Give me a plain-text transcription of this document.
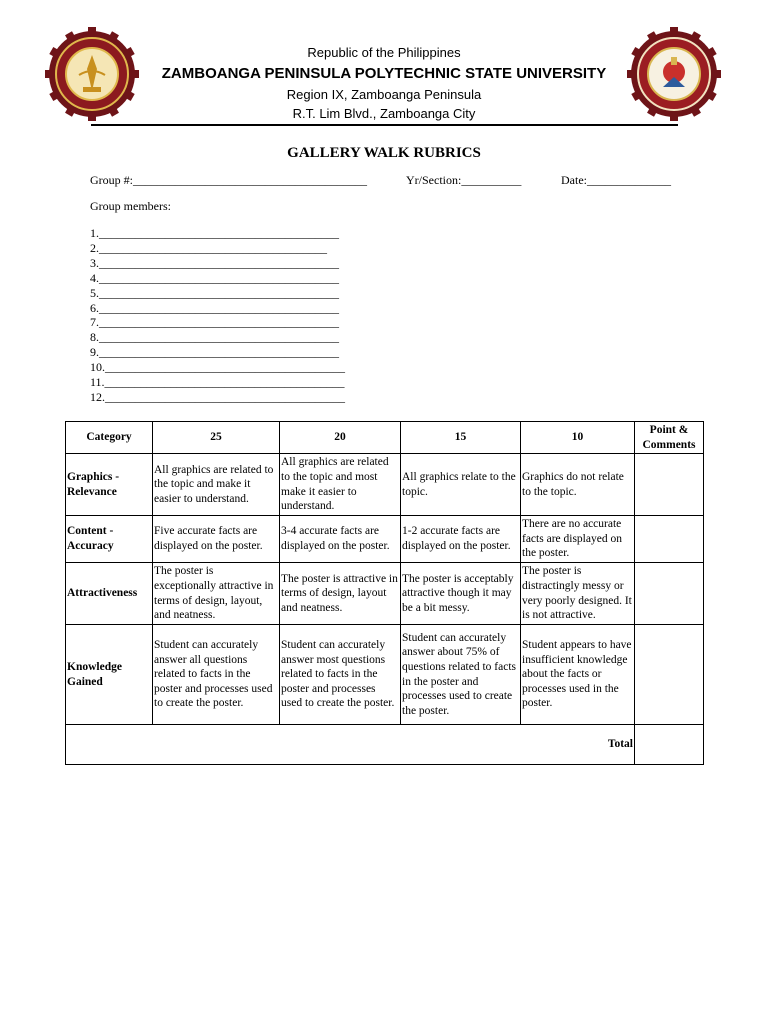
Republic of the Philippines
ZAMBOANGA PENINSULA POLYTECHNIC STATE UNIVERSITY
Region IX, Zamboanga Peninsula
R.T. Lim Blvd., Zamboanga City
GALLERY WALK RUBRICS
Group #:_______________________________________	Yr/Section:__________	Date:______________
Group members:
1.________________________________________
2.______________________________________
3.________________________________________
4.________________________________________
5.________________________________________
6.________________________________________
7.________________________________________
8.________________________________________
9.________________________________________
10.________________________________________
11.________________________________________
12.________________________________________
Category	25	20	15	10	Point & Comments
Graphics - Relevance	All graphics are related to the topic and make it easier to understand.	All graphics are related to the topic and most make it easier to understand.	All graphics relate to the topic.	Graphics do not relate to the topic.	
Content - Accuracy	Five accurate facts are displayed on the poster.	3-4 accurate facts are displayed on the poster.	1-2 accurate facts are displayed on the poster.	There are no accurate facts are displayed on the poster.	
Attractiveness	The poster is exceptionally attractive in terms of design, layout, and neatness.	The poster is attractive in terms of design, layout and neatness.	The poster is acceptably attractive though it may be a bit messy.	The poster is distractingly messy or very poorly designed. It is not attractive.	
Knowledge Gained	Student can accurately answer all questions related to facts in the poster and processes used to create the poster.	Student can accurately answer most questions related to facts in the poster and processes used to create the poster.	Student can accurately answer about 75% of questions related to facts in the poster and processes used to create the poster.	Student appears to have insufficient knowledge about the facts or processes used in the poster.	
Total					
